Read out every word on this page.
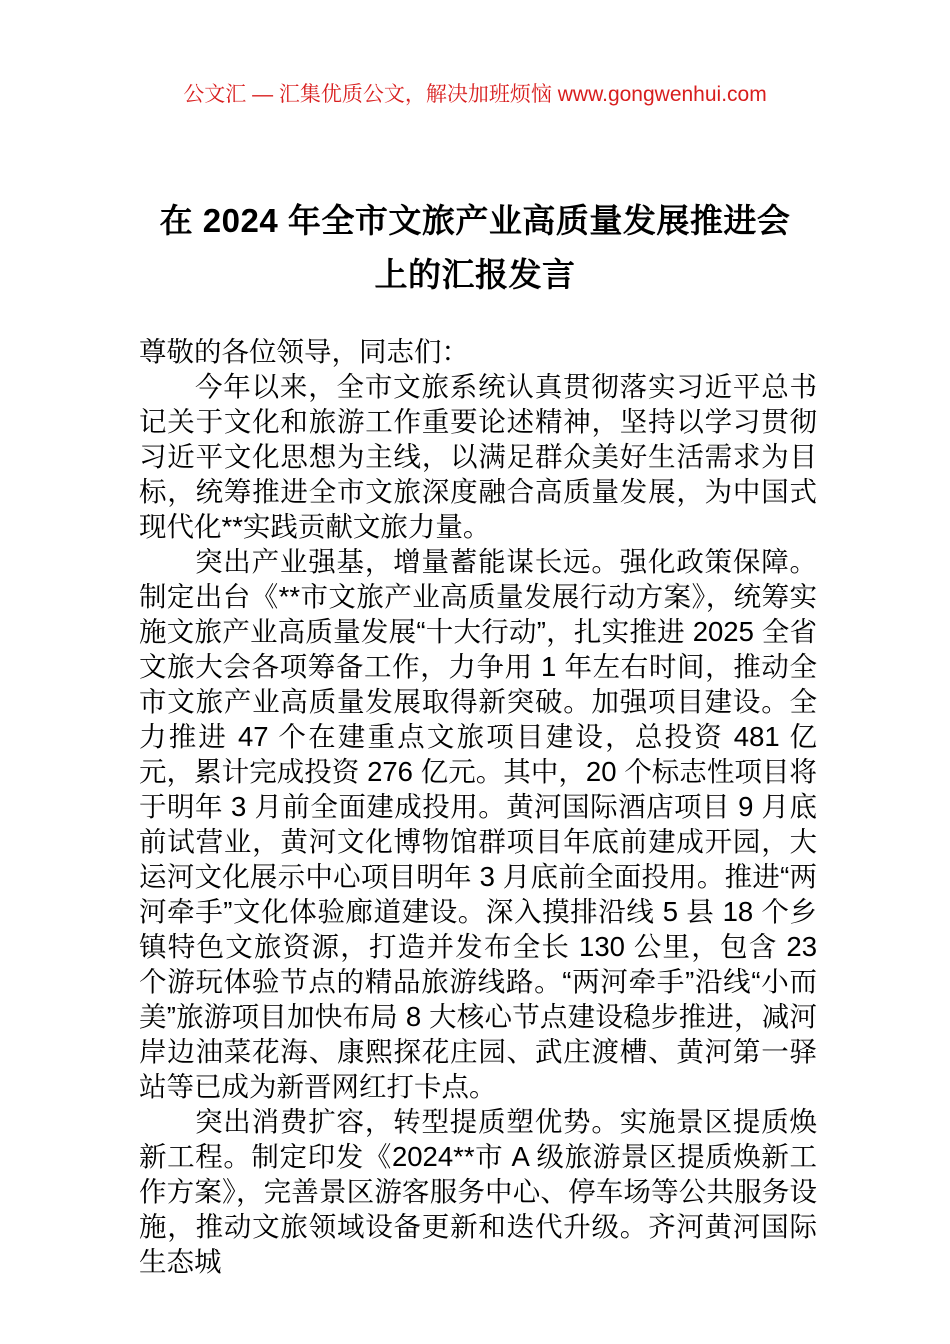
公文汇 — 汇集优质公文，解决加班烦恼 www.gongwenhui.com
在 2024 年全市文旅产业高质量发展推进会
上的汇报发言

尊敬的各位领导，同志们：

今年以来，全市文旅系统认真贯彻落实习近平总书记关于文化和旅游工作重要论述精神，坚持以学习贯彻习近平文化思想为主线，以满足群众美好生活需求为目标，统筹推进全市文旅深度融合高质量发展，为中国式现代化**实践贡献文旅力量。

突出产业强基，增量蓄能谋长远。强化政策保障。制定出台《**市文旅产业高质量发展行动方案》，统筹实施文旅产业高质量发展“十大行动”，扎实推进 2025 全省文旅大会各项筹备工作，力争用 1 年左右时间，推动全市文旅产业高质量发展取得新突破。加强项目建设。全力推进 47 个在建重点文旅项目建设，总投资 481 亿元，累计完成投资 276 亿元。其中，20 个标志性项目将于明年 3 月前全面建成投用。黄河国际酒店项目 9 月底前试营业，黄河文化博物馆群项目年底前建成开园，大运河文化展示中心项目明年 3 月底前全面投用。推进“两河牵手”文化体验廊道建设。深入摸排沿线 5 县 18 个乡镇特色文旅资源，打造并发布全长 130 公里，包含 23 个游玩体验节点的精品旅游线路。“两河牵手”沿线“小而美”旅游项目加快布局 8 大核心节点建设稳步推进，减河岸边油菜花海、康熙探花庄园、武庄渡槽、黄河第一驿站等已成为新晋网红打卡点。

突出消费扩容，转型提质塑优势。实施景区提质焕新工程。制定印发《2024**市 A 级旅游景区提质焕新工作方案》，完善景区游客服务中心、停车场等公共服务设施，推动文旅领域设备更新和迭代升级。齐河黄河国际生态城
